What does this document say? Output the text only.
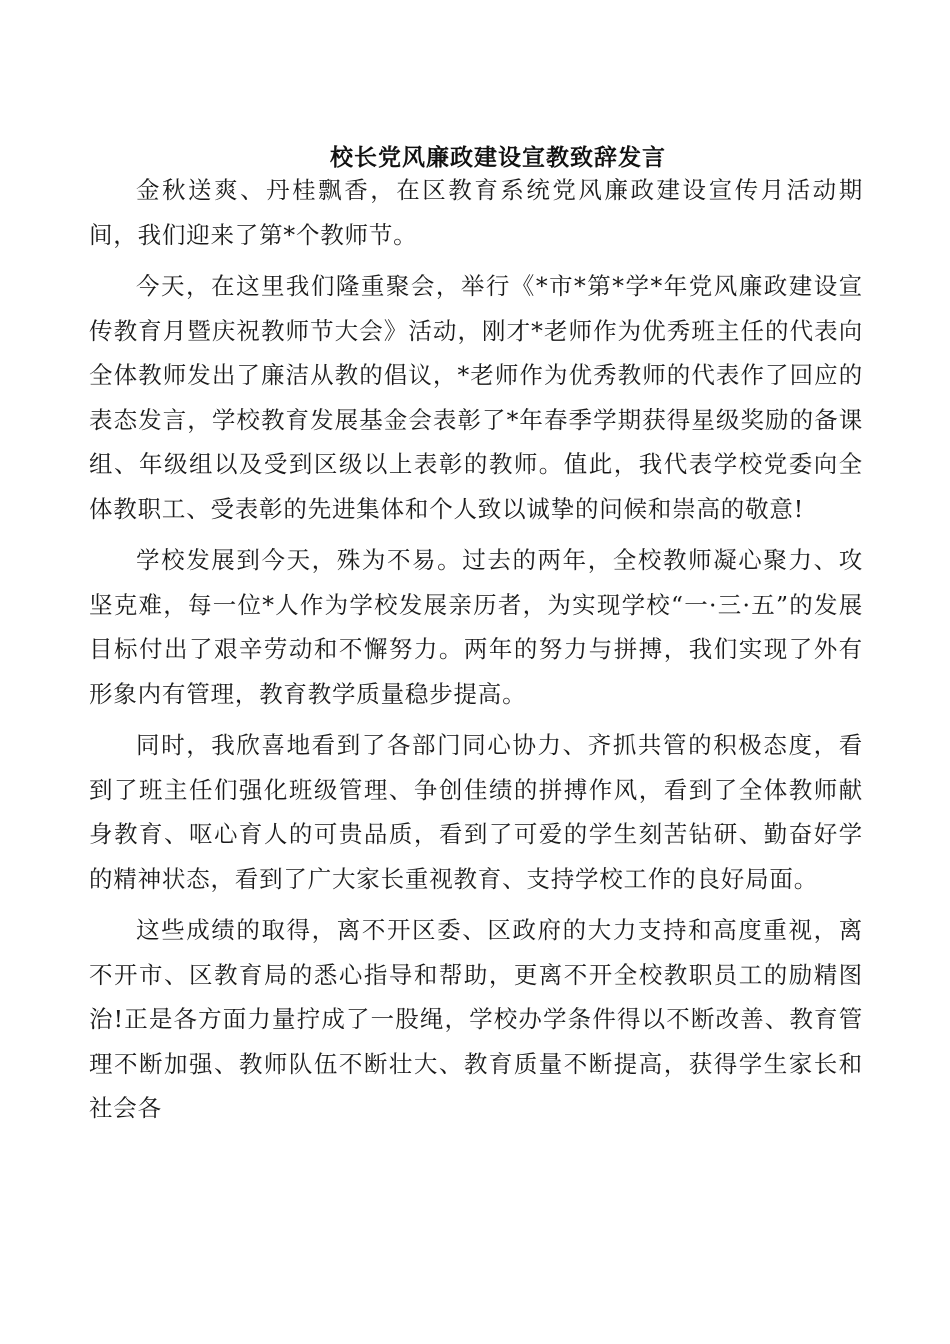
校长党风廉政建设宣教致辞发言

金秋送爽、丹桂飘香，在区教育系统党风廉政建设宣传月活动期间，我们迎来了第*个教师节。

今天，在这里我们隆重聚会，举行《*市*第*学*年党风廉政建设宣传教育月暨庆祝教师节大会》活动，刚才*老师作为优秀班主任的代表向全体教师发出了廉洁从教的倡议，*老师作为优秀教师的代表作了回应的表态发言，学校教育发展基金会表彰了*年春季学期获得星级奖励的备课组、年级组以及受到区级以上表彰的教师。值此，我代表学校党委向全体教职工、受表彰的先进集体和个人致以诚挚的问候和崇高的敬意!

学校发展到今天，殊为不易。过去的两年，全校教师凝心聚力、攻坚克难，每一位*人作为学校发展亲历者，为实现学校“一·三·五”的发展目标付出了艰辛劳动和不懈努力。两年的努力与拼搏，我们实现了外有形象内有管理，教育教学质量稳步提高。

同时，我欣喜地看到了各部门同心协力、齐抓共管的积极态度，看到了班主任们强化班级管理、争创佳绩的拼搏作风，看到了全体教师献身教育、呕心育人的可贵品质，看到了可爱的学生刻苦钻研、勤奋好学的精神状态，看到了广大家长重视教育、支持学校工作的良好局面。

这些成绩的取得，离不开区委、区政府的大力支持和高度重视，离不开市、区教育局的悉心指导和帮助，更离不开全校教职员工的励精图治!正是各方面力量拧成了一股绳，学校办学条件得以不断改善、教育管理不断加强、教师队伍不断壮大、教育质量不断提高，获得学生家长和社会各
